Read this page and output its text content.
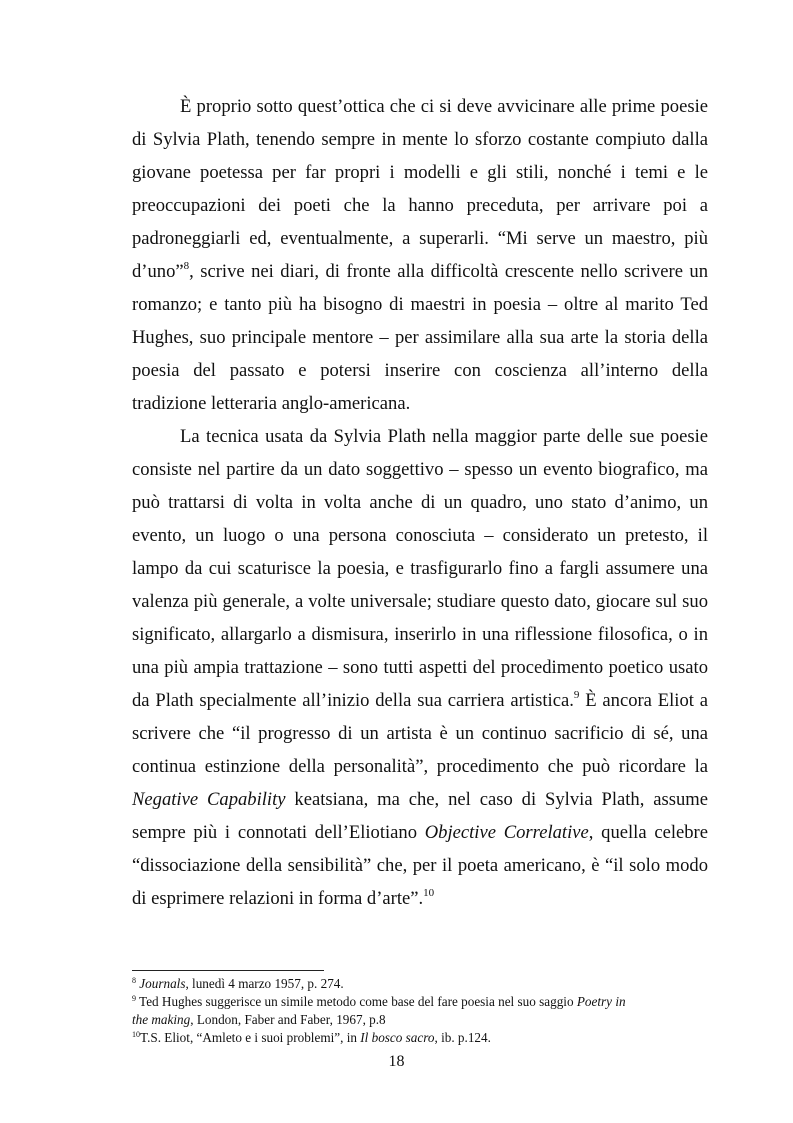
È proprio sotto quest’ottica che ci si deve avvicinare alle prime poesie
di Sylvia Plath, tenendo sempre in mente lo sforzo costante compiuto dalla
giovane poetessa per far propri i modelli e gli stili, nonché i temi e le
preoccupazioni dei poeti che la hanno preceduta, per arrivare poi a
padroneggiarli ed, eventualmente, a superarli. “Mi serve un maestro, più
d’uno”$^8$, scrive nei diari, di fronte alla difficoltà crescente nello scrivere un
romanzo; e tanto più ha bisogno di maestri in poesia – oltre al marito Ted
Hughes, suo principale mentore – per assimilare alla sua arte la storia della
poesia del passato e potersi inserire con coscienza all’interno della
tradizione letteraria anglo-americana.
La tecnica usata da Sylvia Plath nella maggior parte delle sue poesie
consiste nel partire da un dato soggettivo – spesso un evento biografico, ma
può trattarsi di volta in volta anche di un quadro, uno stato d’animo, un
evento, un luogo o una persona conosciuta – considerato un pretesto, il
lampo da cui scaturisce la poesia, e trasfigurarlo fino a fargli assumere una
valenza più generale, a volte universale; studiare questo dato, giocare sul suo
significato, allargarlo a dismisura, inserirlo in una riflessione filosofica, o in
una più ampia trattazione – sono tutti aspetti del procedimento poetico usato
da Plath specialmente all’inizio della sua carriera artistica.$^9$ È ancora Eliot a
scrivere che “il progresso di un artista è un continuo sacrificio di sé, una
continua estinzione della personalità”, procedimento che può ricordare la
Negative Capability keatsiana, ma che, nel caso di Sylvia Plath, assume
sempre più i connotati dell’Eliotiano Objective Correlative, quella celebre
“dissociazione della sensibilità” che, per il poeta americano, è “il solo modo
di esprimere relazioni in forma d’arte”.$^{10}$
$^8$ Journals, lunedì 4 marzo 1957, p. 274.
$^9$ Ted Hughes suggerisce un simile metodo come base del fare poesia nel suo saggio Poetry in
the making, London, Faber and Faber, 1967, p.8
$^{10}$T.S. Eliot, “Amleto e i suoi problemi”, in Il bosco sacro, ib. p.124.
18
